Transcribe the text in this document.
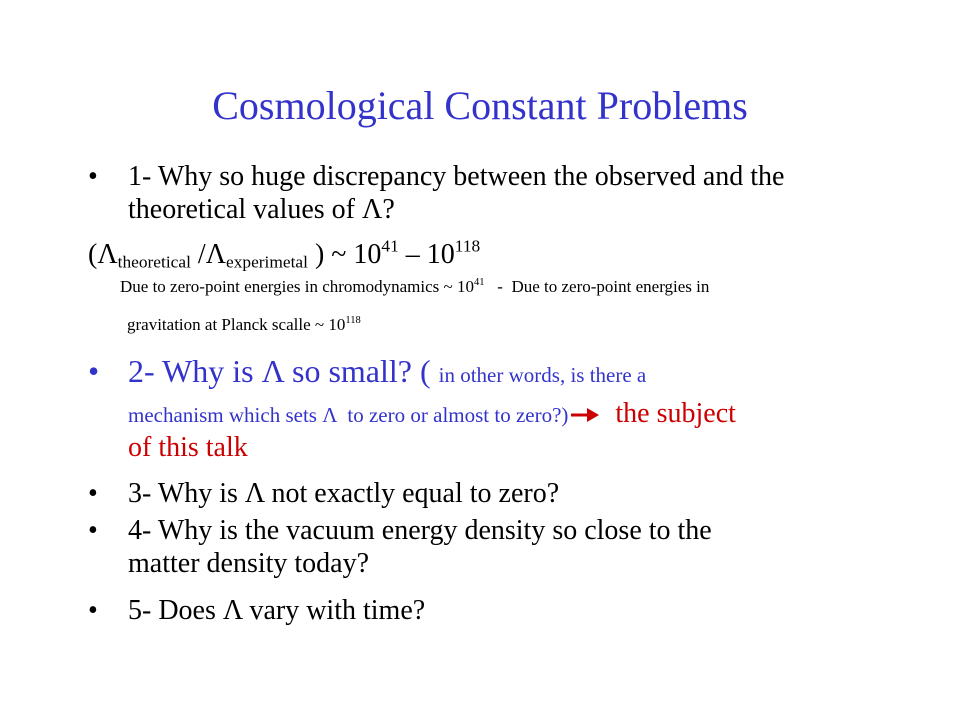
Cosmological Constant Problems
• 1- Why so huge discrepancy between the observed and the
theoretical values of Λ?
($\Lambda_{theoretical}$ $/\Lambda_{experimetal}$ ) ~ $10^{41} - 10^{118}$
Due to zero-point energies in chromodynamics ~ $10^{41}$   -  Due to zero-point energies in
gravitation at Planck scalle ~ $10^{118}$
• 2- Why is Λ so small? ( in other words, is there a
mechanism which sets Λ  to zero or almost to zero?) the subject
of this talk
• 3- Why is Λ not exactly equal to zero?
• 4- Why is the vacuum energy density so close to the
matter density today?
• 5- Does Λ vary with time?
